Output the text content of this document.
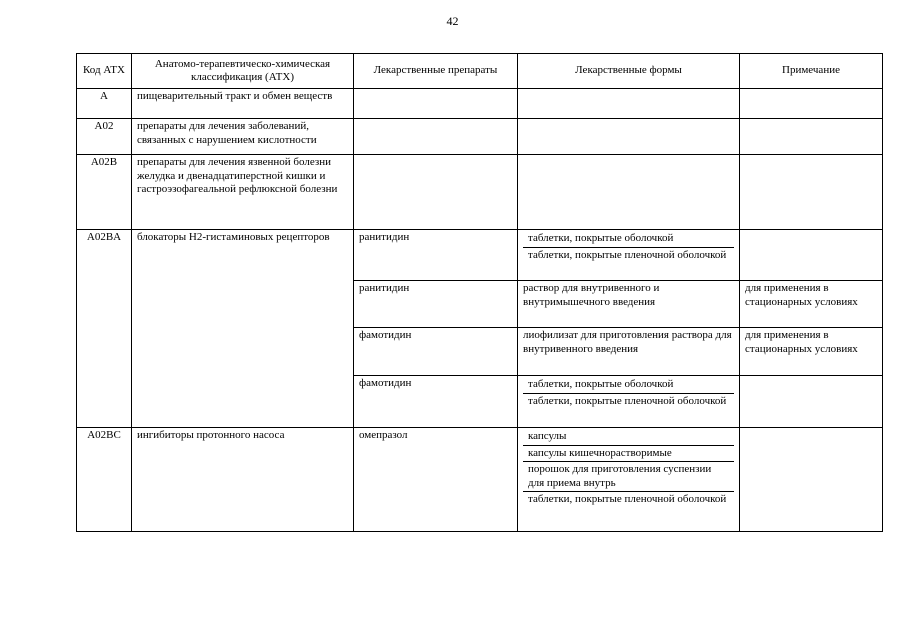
42
Код АТХ	Анатомо-терапевтическо-химическая классификация (АТХ)	Лекарственные препараты	Лекарственные формы	Примечание
A	пищеварительный тракт и обмен веществ			
A02	препараты для лечения заболеваний, связанных с нарушением кислотности			
A02B	препараты для лечения язвенной болезни желудка и двенадцатиперстной кишки и гастроэзофагеальной рефлюксной болезни			
A02BA	блокаторы H2-гистаминовых рецепторов	ранитидин	таблетки, покрытые оболочкой
таблетки, покрытые пленочной оболочкой	

		ранитидин	раствор для внутривенного и внутримышечного введения	для применения в стационарных условиях
		фамотидин	лиофилизат для приготовления раствора для внутривенного введения	для применения в стационарных условиях
		фамотидин	таблетки, покрытые оболочкой
таблетки, покрытые пленочной оболочкой	

A02BC	ингибиторы протонного насоса	омепразол	капсулы
капсулы кишечнорастворимые
порошок для приготовления суспензии для приема внутрь
таблетки, покрытые пленочной оболочкой	
